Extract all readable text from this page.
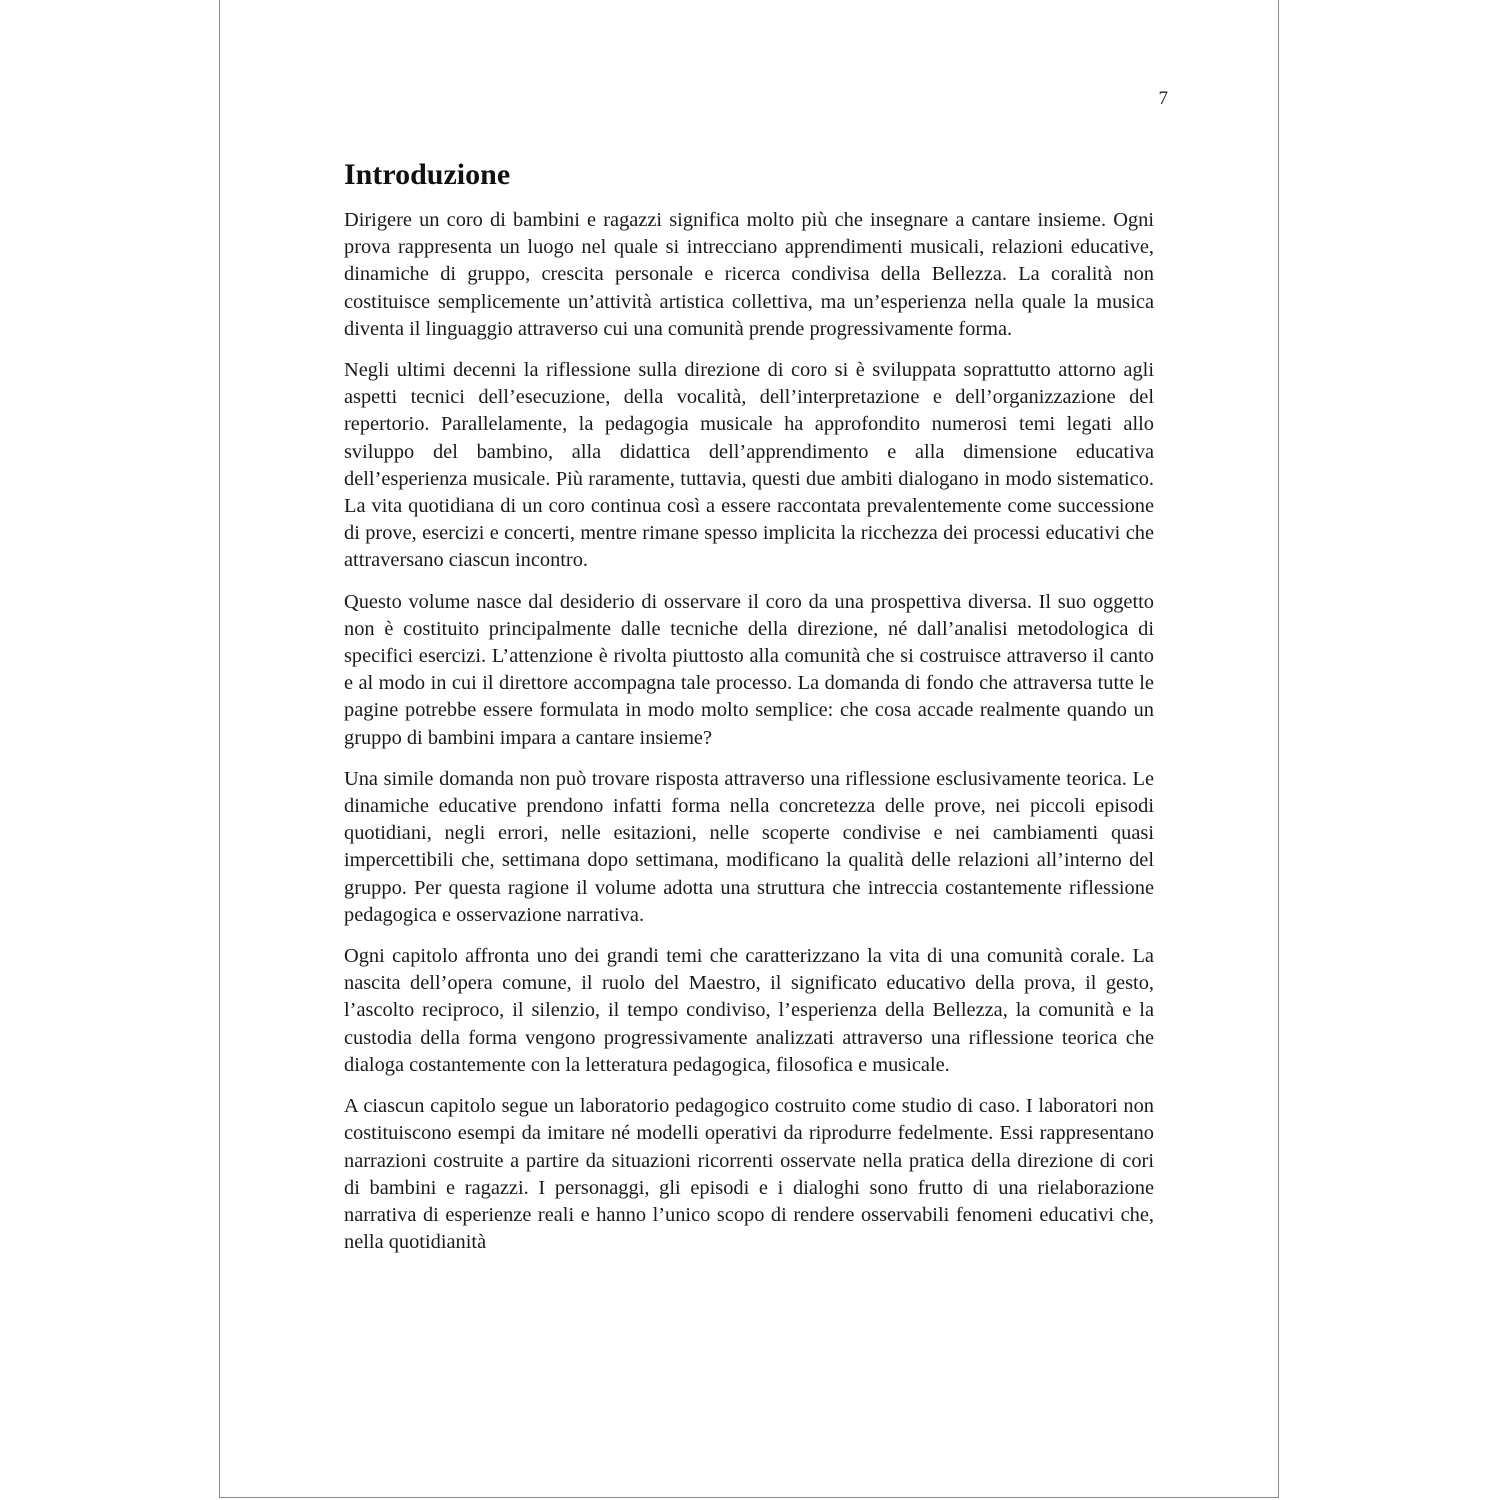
7
Introduzione

Dirigere un coro di bambini e ragazzi significa molto più che insegnare a cantare insieme. Ogni prova rappresenta un luogo nel quale si intrecciano apprendimenti musicali, relazioni educative, dinamiche di gruppo, crescita personale e ricerca condivisa della Bellezza. La coralità non costituisce semplicemente un’attività artistica collettiva, ma un’esperienza nella quale la musica diventa il linguaggio attraverso cui una comunità prende progressivamente forma.

Negli ultimi decenni la riflessione sulla direzione di coro si è sviluppata soprattutto attorno agli aspetti tecnici dell’esecuzione, della vocalità, dell’interpretazione e dell’organizzazione del repertorio. Parallelamente, la pedagogia musicale ha approfondito numerosi temi legati allo sviluppo del bambino, alla didattica dell’apprendimento e alla dimensione educativa dell’esperienza musicale. Più raramente, tuttavia, questi due ambiti dialogano in modo sistematico. La vita quotidiana di un coro continua così a essere raccontata prevalentemente come successione di prove, esercizi e concerti, mentre rimane spesso implicita la ricchezza dei processi educativi che attraversano ciascun incontro.

Questo volume nasce dal desiderio di osservare il coro da una prospettiva diversa. Il suo oggetto non è costituito principalmente dalle tecniche della direzione, né dall’analisi metodologica di specifici esercizi. L’attenzione è rivolta piuttosto alla comunità che si costruisce attraverso il canto e al modo in cui il direttore accompagna tale processo. La domanda di fondo che attraversa tutte le pagine potrebbe essere formulata in modo molto semplice: che cosa accade realmente quando un gruppo di bambini impara a cantare insieme?

Una simile domanda non può trovare risposta attraverso una riflessione esclusivamente teorica. Le dinamiche educative prendono infatti forma nella concretezza delle prove, nei piccoli episodi quotidiani, negli errori, nelle esitazioni, nelle scoperte condivise e nei cambiamenti quasi impercettibili che, settimana dopo settimana, modificano la qualità delle relazioni all’interno del gruppo. Per questa ragione il volume adotta una struttura che intreccia costantemente riflessione pedagogica e osservazione narrativa.

Ogni capitolo affronta uno dei grandi temi che caratterizzano la vita di una comunità corale. La nascita dell’opera comune, il ruolo del Maestro, il significato educativo della prova, il gesto, l’ascolto reciproco, il silenzio, il tempo condiviso, l’esperienza della Bellezza, la comunità e la custodia della forma vengono progressivamente analizzati attraverso una riflessione teorica che dialoga costantemente con la letteratura pedagogica, filosofica e musicale.

A ciascun capitolo segue un laboratorio pedagogico costruito come studio di caso. I laboratori non costituiscono esempi da imitare né modelli operativi da riprodurre fedelmente. Essi rappresentano narrazioni costruite a partire da situazioni ricorrenti osservate nella pratica della direzione di cori di bambini e ragazzi. I personaggi, gli episodi e i dialoghi sono frutto di una rielaborazione narrativa di esperienze reali e hanno l’unico scopo di rendere osservabili fenomeni educativi che, nella quotidianità
